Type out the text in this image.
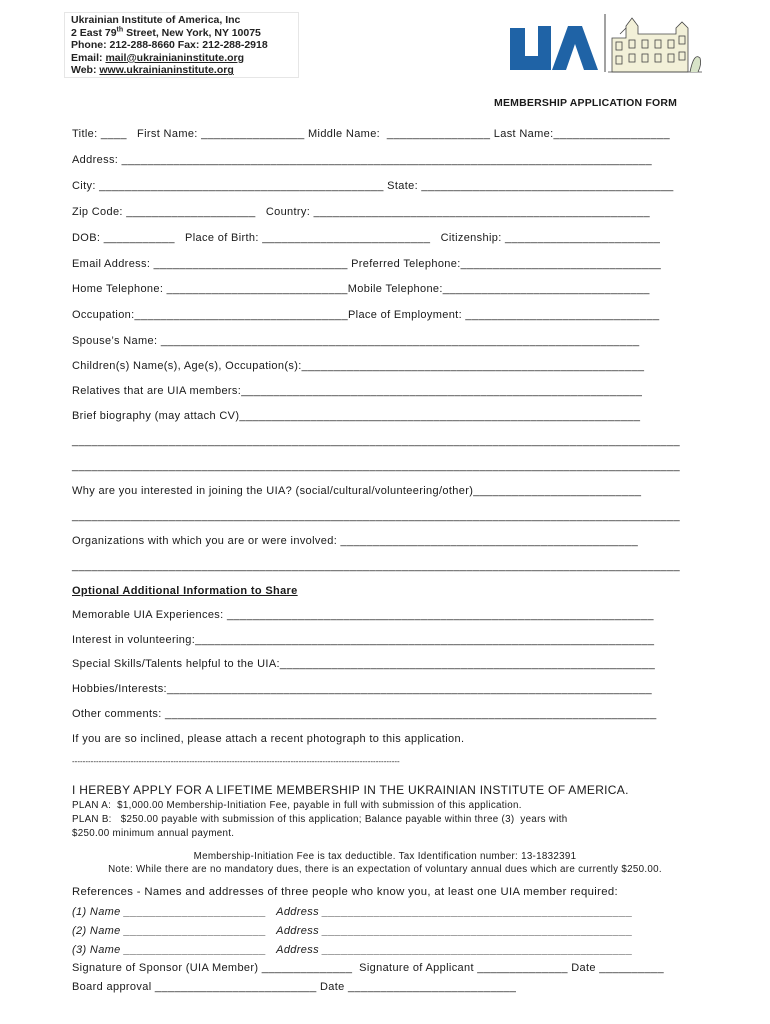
Ukrainian Institute of America, Inc
2 East 79th Street, New York, NY 10075
Phone: 212-288-8660 Fax: 212-288-2918
Email: mail@ukrainianinstitute.org
Web: www.ukrainianinstitute.org
MEMBERSHIP APPLICATION FORM
Title: ____   First Name: ________________ Middle Name:  ________________ Last Name:__________________
Address: __________________________________________________________________________________
City: ____________________________________________ State: _______________________________________
Zip Code: ____________________   Country: ____________________________________________________
DOB: ___________   Place of Birth: __________________________   Citizenship: ________________________
Email Address: ______________________________ Preferred Telephone:_______________________________
Home Telephone: ____________________________Mobile Telephone:________________________________
Occupation:_________________________________Place of Employment: ______________________________
Spouse’s Name: __________________________________________________________________________
Children(s) Name(s), Age(s), Occupation(s):_____________________________________________________
Relatives that are UIA members:______________________________________________________________
Brief biography (may attach CV)______________________________________________________________
______________________________________________________________________________________________
______________________________________________________________________________________________
Why are you interested in joining the UIA? (social/cultural/volunteering/other)__________________________
______________________________________________________________________________________________
Organizations with which you are or were involved: ______________________________________________
______________________________________________________________________________________________
Optional Additional Information to Share
Memorable UIA Experiences: __________________________________________________________________
Interest in volunteering:_______________________________________________________________________
Special Skills/Talents helpful to the UIA:__________________________________________________________
Hobbies/Interests:___________________________________________________________________________
Other comments: ____________________________________________________________________________
If you are so inclined, please attach a recent photograph to this application.
---------------------------------------------------------------------------------------------------------------------------
I HEREBY APPLY FOR A LIFETIME MEMBERSHIP IN THE UKRAINIAN INSTITUTE OF AMERICA.
PLAN A:  $1,000.00 Membership-Initiation Fee, payable in full with submission of this application.
PLAN B:   $250.00 payable with submission of this application; Balance payable within three (3)  years with
$250.00 minimum annual payment.
Membership-Initiation Fee is tax deductible. Tax Identification number: 13-1832391
Note: While there are no mandatory dues, there is an expectation of voluntary annual dues which are currently $250.00.
References - Names and addresses of three people who know you, at least one UIA member required:
(1) Name ______________________   Address ________________________________________________
(2) Name ______________________   Address ________________________________________________
(3) Name ______________________   Address ________________________________________________
Signature of Sponsor (UIA Member) ______________  Signature of Applicant ______________ Date __________
Board approval _________________________ Date __________________________
